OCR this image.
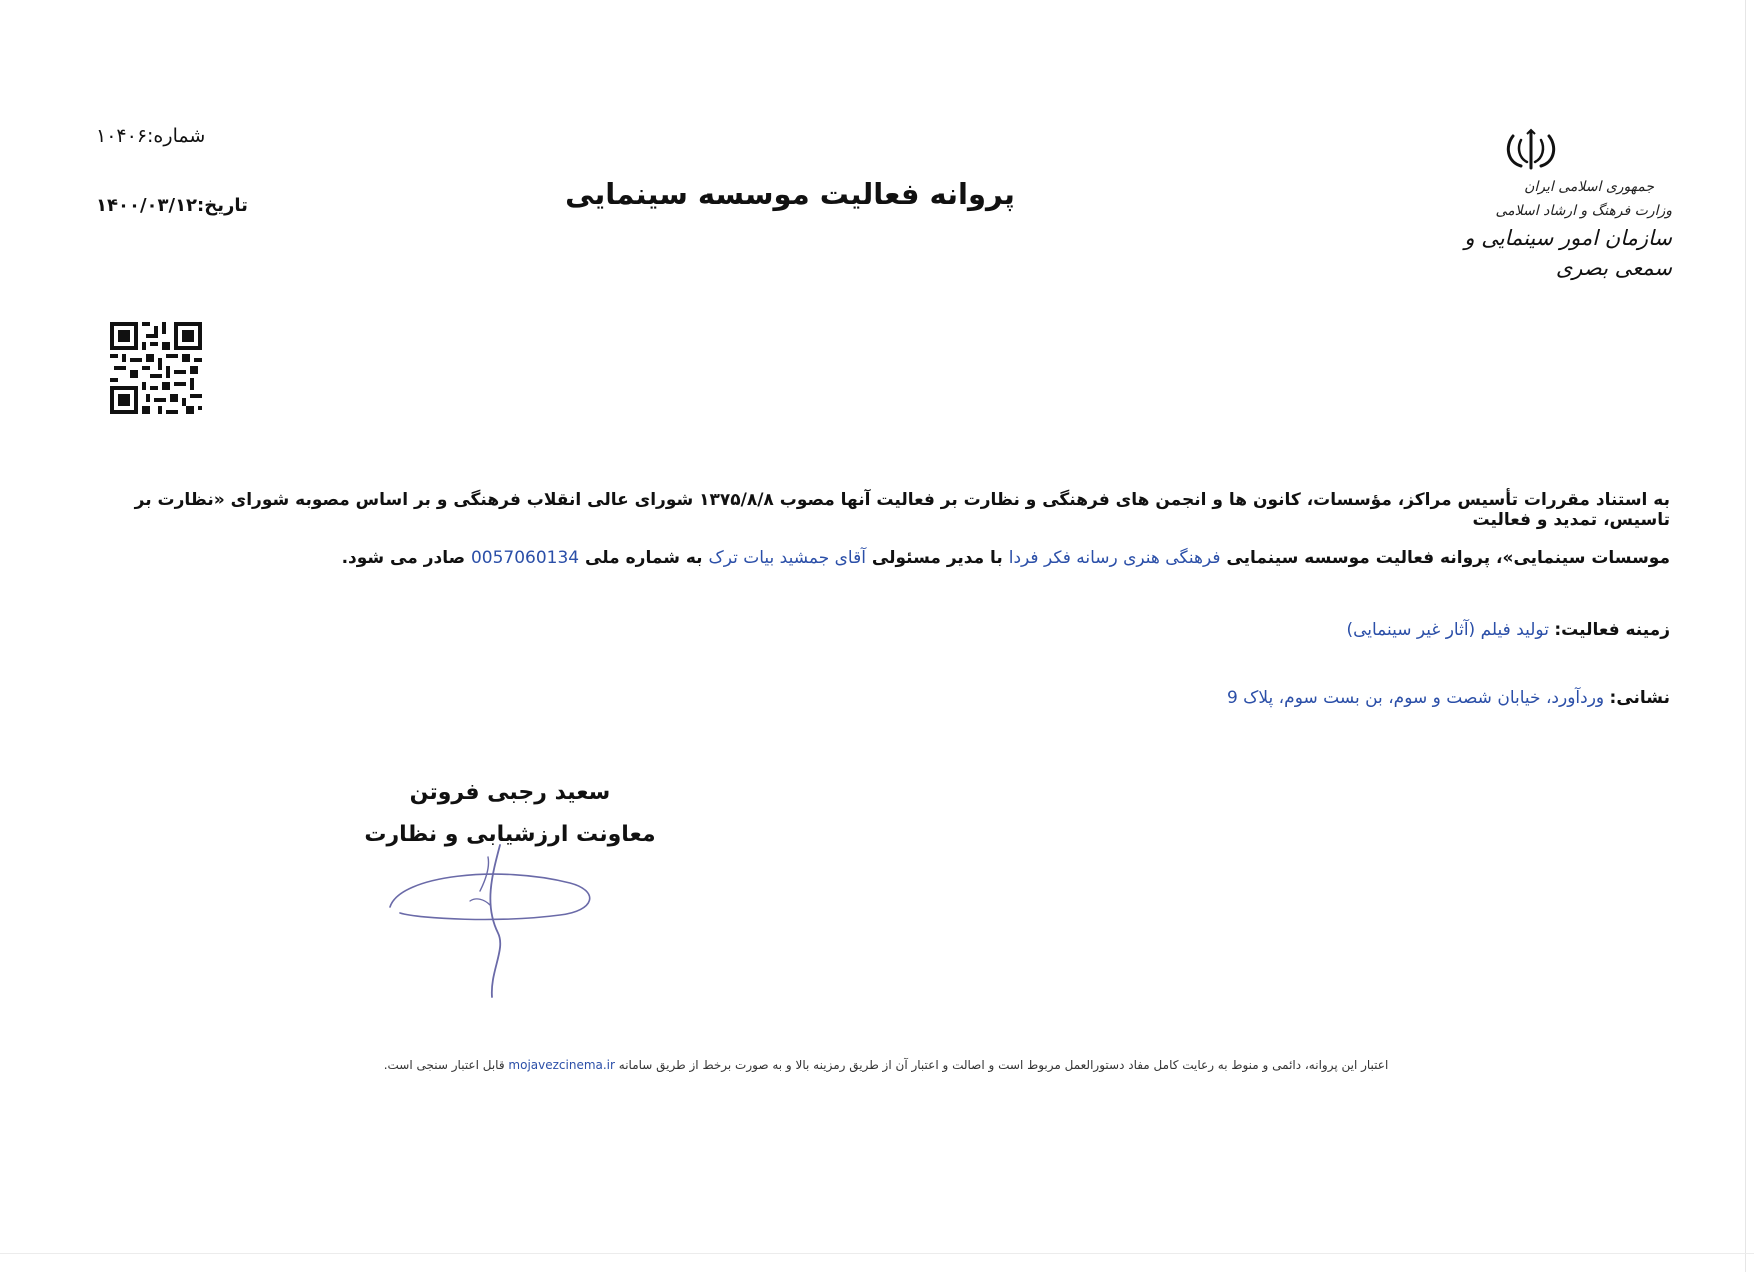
جمهوری اسلامی ایران
وزارت فرهنگ و ارشاد اسلامی
سازمان امور سینمایی و سمعی بصری
پروانه فعالیت موسسه سینمایی
شماره:۱۰۴۰۶
تاریخ:۱۴۰۰/۰۳/۱۲
به استناد مقررات تأسیس مراکز، مؤسسات، کانون ها و انجمن های فرهنگی و نظارت بر فعالیت آنها مصوب ۱۳۷۵/۸/۸ شورای عالی انقلاب فرهنگی و بر اساس مصوبه شورای «نظارت بر تاسیس، تمدید و فعالیت
موسسات سینمایی»، پروانه فعالیت موسسه سینمایی فرهنگی هنری رسانه فکر فردا با مدیر مسئولی آقای جمشید بیات ترک به شماره ملی 0057060134 صادر می شود.
زمینه فعالیت: تولید فیلم (آثار غیر سینمایی)
نشانی: وردآورد، خیابان شصت و سوم، بن بست سوم، پلاک 9
سعید رجبی فروتن
معاونت ارزشیابی و نظارت
اعتبار این پروانه، دائمی و منوط به رعایت کامل مفاد دستورالعمل مربوط است و اصالت و اعتبار آن از طریق رمزینه بالا و به صورت برخط از طریق سامانه mojavezcinema.ir قابل اعتبار سنجی است.
